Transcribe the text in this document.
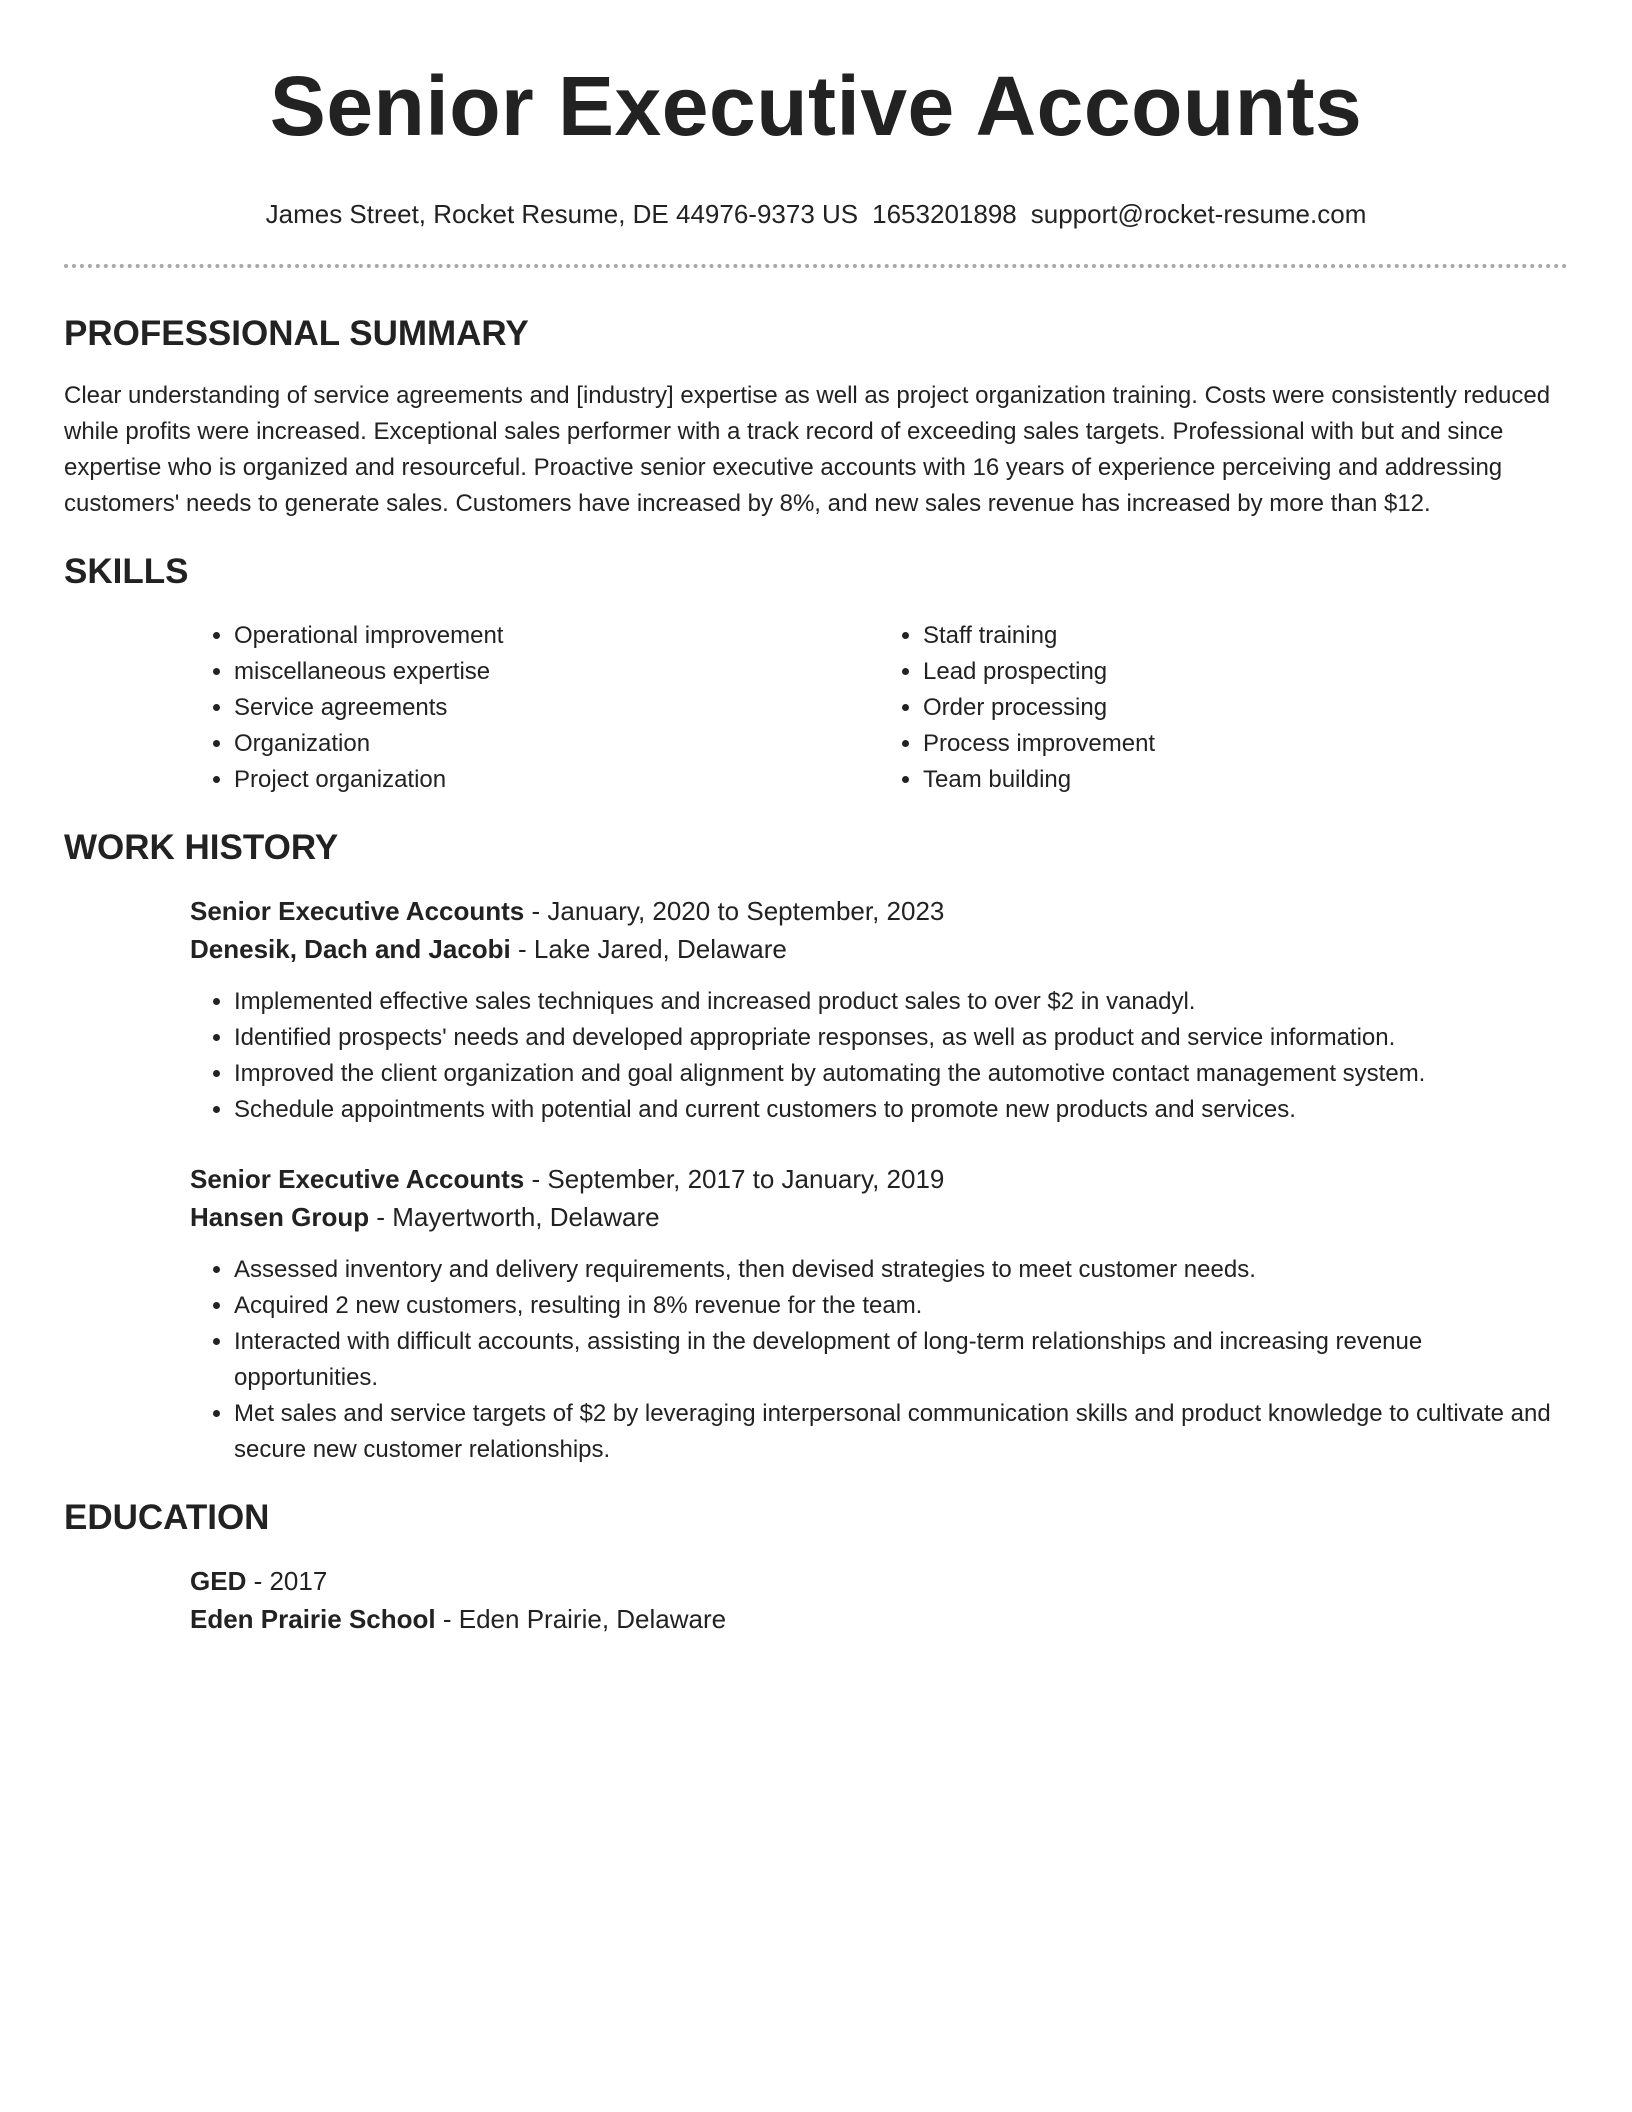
Senior Executive Accounts
James Street, Rocket Resume, DE 44976-9373 US 1653201898 support@rocket-resume.com
PROFESSIONAL SUMMARY

Clear understanding of service agreements and [industry] expertise as well as project organization training. Costs were consistently reduced while profits were increased. Exceptional sales performer with a track record of exceeding sales targets. Professional with but and since expertise who is organized and resourceful. Proactive senior executive accounts with 16 years of experience perceiving and addressing customers' needs to generate sales. Customers have increased by 8%, and new sales revenue has increased by more than $12.

SKILLS
• Operational improvement
• miscellaneous expertise
• Service agreements
• Organization
• Project organization
• Staff training
• Lead prospecting
• Order processing
• Process improvement
• Team building
WORK HISTORY

Senior Executive Accounts - January, 2020 to September, 2023

Denesik, Dach and Jacobi - Lake Jared, Delaware

• Implemented effective sales techniques and increased product sales to over $2 in vanadyl.
• Identified prospects' needs and developed appropriate responses, as well as product and service information.
• Improved the client organization and goal alignment by automating the automotive contact management system.
• Schedule appointments with potential and current customers to promote new products and services.

Senior Executive Accounts - September, 2017 to January, 2019

Hansen Group - Mayertworth, Delaware

• Assessed inventory and delivery requirements, then devised strategies to meet customer needs.
• Acquired 2 new customers, resulting in 8% revenue for the team.
• Interacted with difficult accounts, assisting in the development of long-term relationships and increasing revenue opportunities.
• Met sales and service targets of $2 by leveraging interpersonal communication skills and product knowledge to cultivate and secure new customer relationships.
EDUCATION

GED - 2017

Eden Prairie School - Eden Prairie, Delaware
